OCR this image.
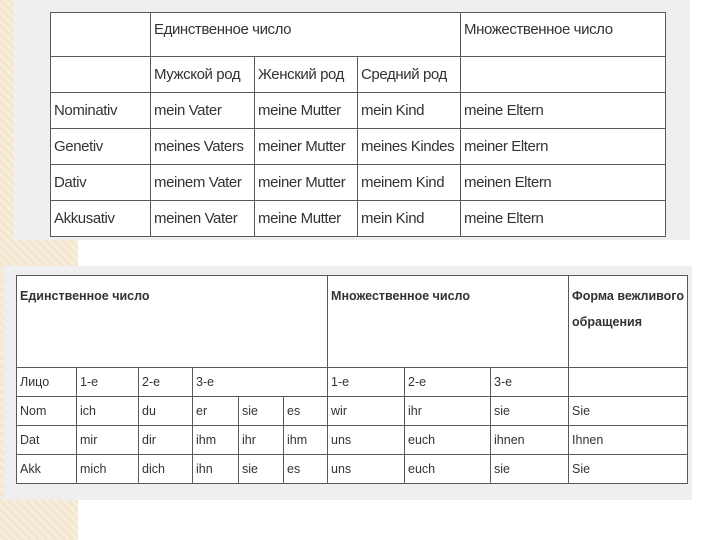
	Единственное число			Множественное число
	Мужской род	Женский род	Средний род	
Nominativ	mein Vater	meine Mutter	mein Kind	meine Eltern
Genetiv	meines Vaters	meiner Mutter	meines Kindes	meiner Eltern
Dativ	meinem Vater	meiner Mutter	meinem Kind	meinen Eltern
Akkusativ	meinen Vater	meine Mutter	mein Kind	meine Eltern
Единственное число						Множественное число			Форма вежливого обращения
Лицо	1-е	2-е	3-е			1-е	2-е	3-е	
Nom	ich	du	er	sie	es	wir	ihr	sie	Sie
Dat	mir	dir	ihm	ihr	ihm	uns	euch	ihnen	Ihnen
Akk	mich	dich	ihn	sie	es	uns	euch	sie	Sie
